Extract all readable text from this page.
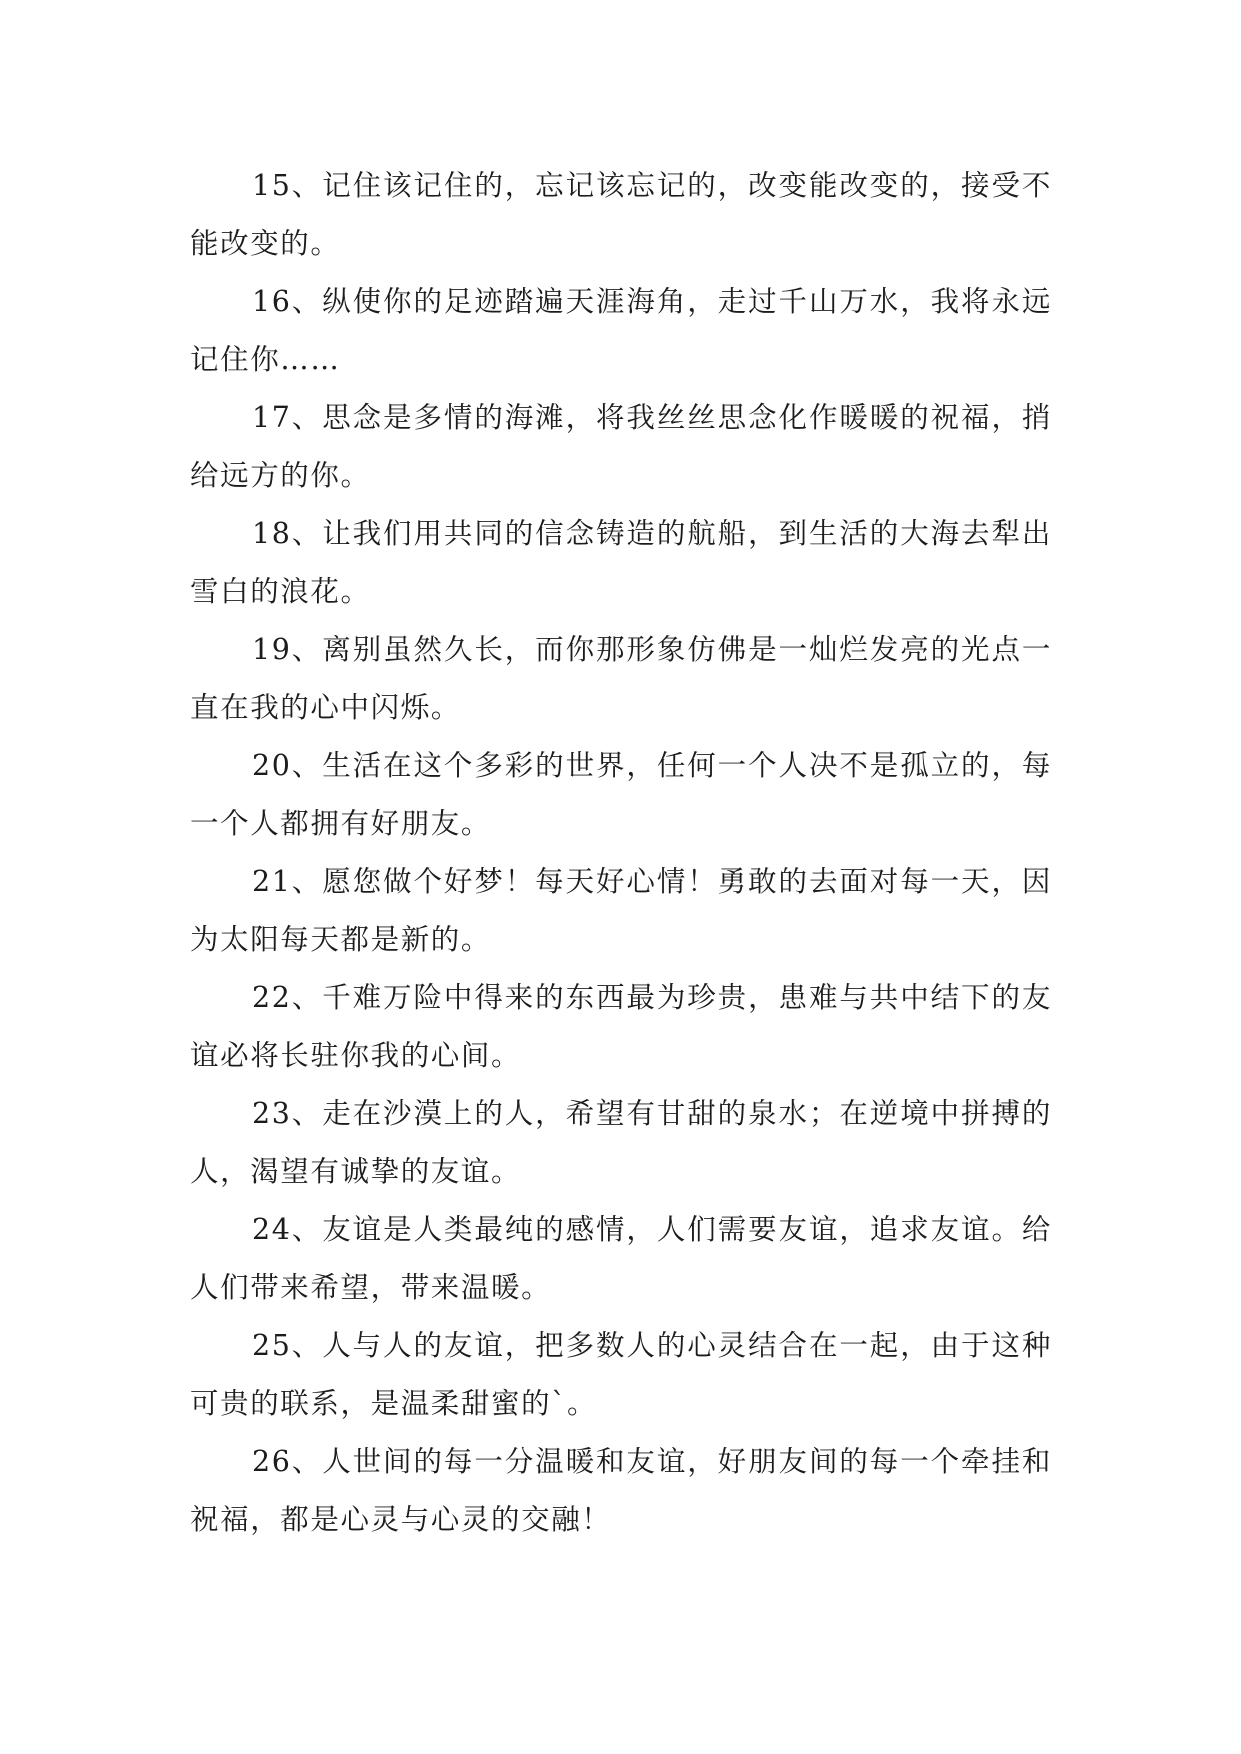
15、记住该记住的，忘记该忘记的，改变能改变的，接受不能改变的。

16、纵使你的足迹踏遍天涯海角，走过千山万水，我将永远记住你……

17、思念是多情的海滩，将我丝丝思念化作暖暖的祝福，捎给远方的你。

18、让我们用共同的信念铸造的航船，到生活的大海去犁出雪白的浪花。

19、离别虽然久长，而你那形象仿佛是一灿烂发亮的光点一直在我的心中闪烁。

20、生活在这个多彩的世界，任何一个人决不是孤立的，每一个人都拥有好朋友。

21、愿您做个好梦！每天好心情！勇敢的去面对每一天，因为太阳每天都是新的。

22、千难万险中得来的东西最为珍贵，患难与共中结下的友谊必将长驻你我的心间。

23、走在沙漠上的人，希望有甘甜的泉水；在逆境中拼搏的人，渴望有诚挚的友谊。

24、友谊是人类最纯的感情，人们需要友谊，追求友谊。给人们带来希望，带来温暖。

25、人与人的友谊，把多数人的心灵结合在一起，由于这种可贵的联系，是温柔甜蜜的`。

26、人世间的每一分温暖和友谊，好朋友间的每一个牵挂和祝福，都是心灵与心灵的交融！
